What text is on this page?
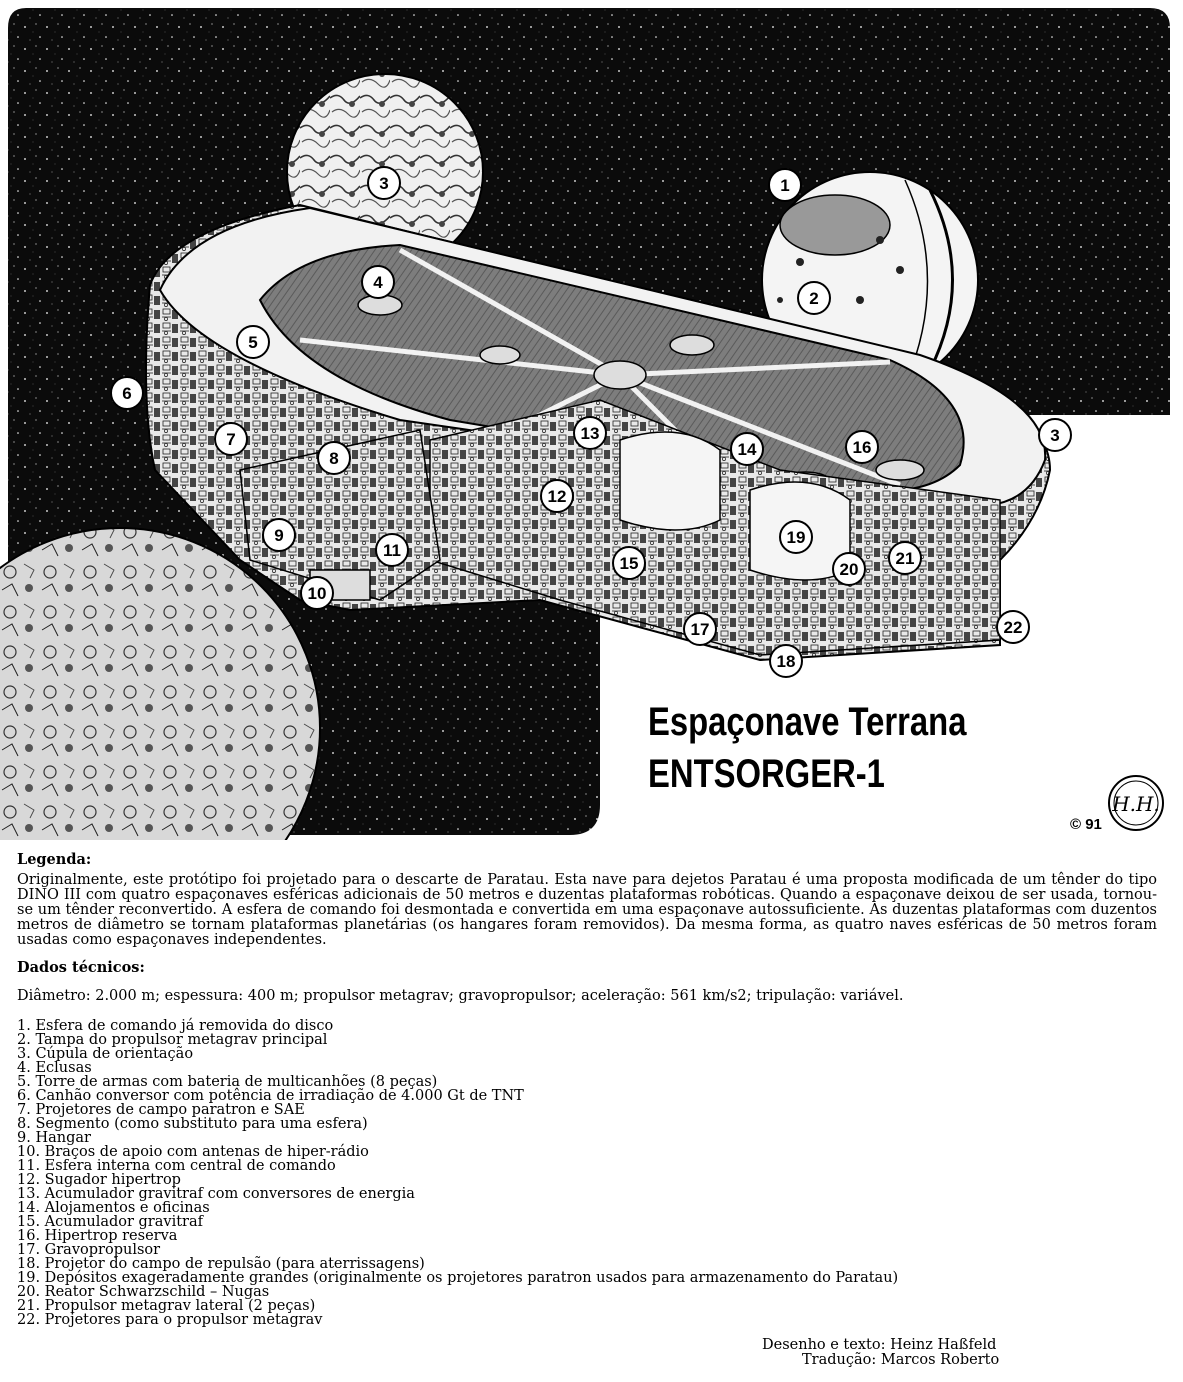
1
2
3
3
4
5
6
7
8
9
10
11
12
13
14
15
16
17
18
19
20
21
22
H.H.
Espaçonave Terrana
ENTSORGER-1
© 91

Legenda:

Originalmente, este protótipo foi projetado para o descarte de Paratau. Esta nave para dejetos Paratau é uma proposta modificada de um tênder do tipo DINO III com quatro espaçonaves esféricas adicionais de 50 metros e duzentas plataformas robóticas. Quando a espaçonave deixou de ser usada, tornou-se um tênder reconvertido. A esfera de comando foi desmontada e convertida em uma espaçonave autossuficiente. As duzentas plataformas com duzentos metros de diâmetro se tornam plataformas planetárias (os hangares foram removidos). Da mesma forma, as quatro naves esféricas de 50 metros foram usadas como espaçonaves independentes.

Dados técnicos:

Diâmetro: 2.000 m; espessura: 400 m; propulsor metagrav; gravopropulsor; aceleração: 561 km/s2; tripulação: variável.

1. Esfera de comando já removida do disco
2. Tampa do propulsor metagrav principal
3. Cúpula de orientação
4. Eclusas
5. Torre de armas com bateria de multicanhões (8 peças)
6. Canhão conversor com potência de irradiação de 4.000 Gt de TNT
7. Projetores de campo paratron e SAE
8. Segmento (como substituto para uma esfera)
9. Hangar
10. Braços de apoio com antenas de hiper-rádio
11. Esfera interna com central de comando
12. Sugador hipertrop
13. Acumulador gravitraf com conversores de energia
14. Alojamentos e oficinas
15. Acumulador gravitraf
16. Hipertrop reserva
17. Gravopropulsor
18. Projetor do campo de repulsão (para aterrissagens)
19. Depósitos exageradamente grandes (originalmente os projetores paratron usados para armazenamento do Paratau)
20. Reator Schwarzschild – Nugas
21. Propulsor metagrav lateral (2 peças)
22. Projetores para o propulsor metagrav
Desenho e texto: Heinz Haßfeld
Tradução: Marcos Roberto
